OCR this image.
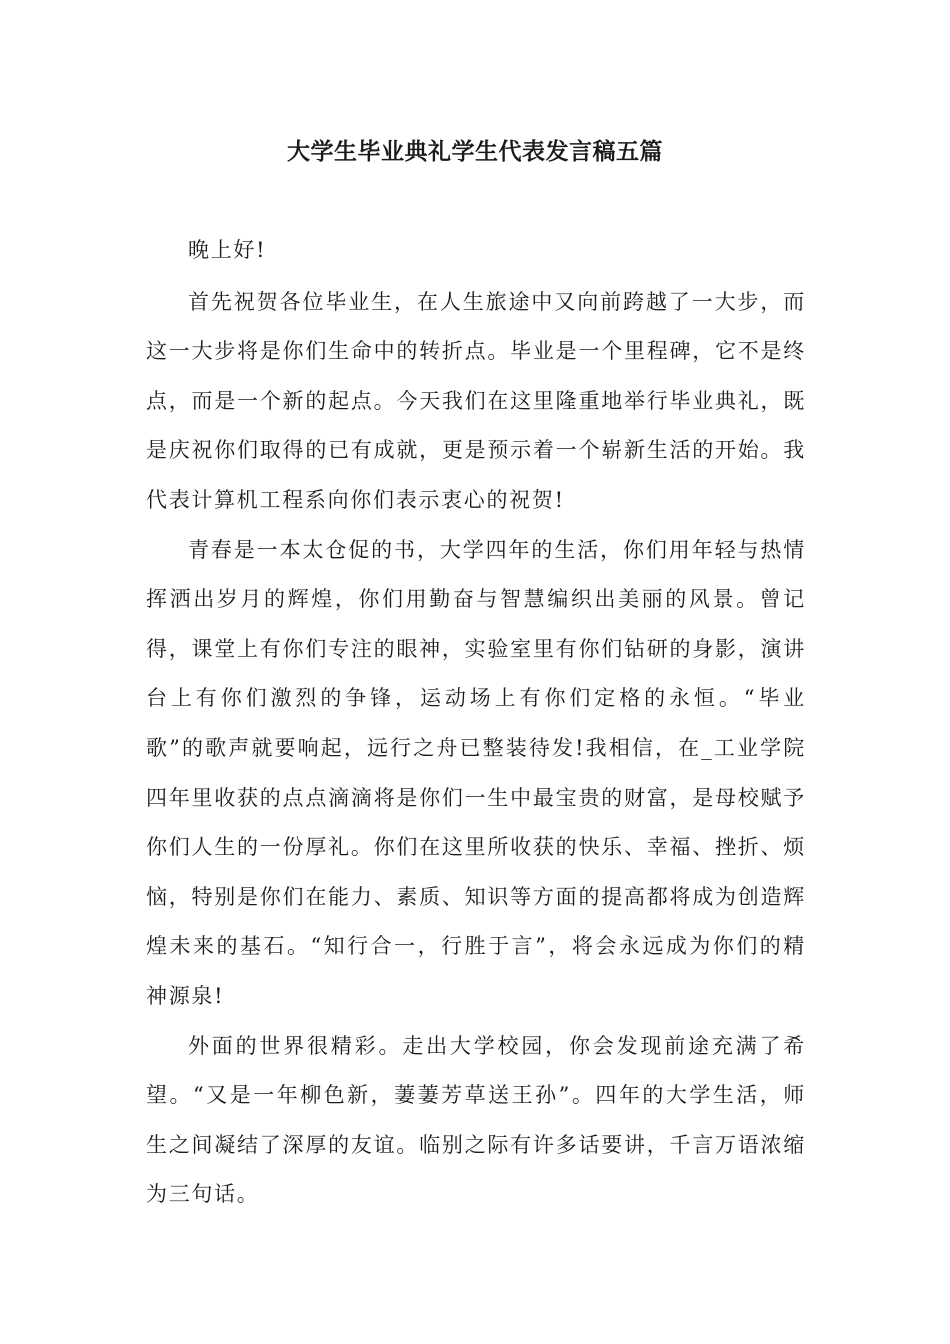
大学生毕业典礼学生代表发言稿五篇

晚上好!

首先祝贺各位毕业生，在人生旅途中又向前跨越了一大步，而这一大步将是你们生命中的转折点。毕业是一个里程碑，它不是终点，而是一个新的起点。今天我们在这里隆重地举行毕业典礼，既是庆祝你们取得的已有成就，更是预示着一个崭新生活的开始。我代表计算机工程系向你们表示衷心的祝贺!

青春是一本太仓促的书，大学四年的生活，你们用年轻与热情挥洒出岁月的辉煌，你们用勤奋与智慧编织出美丽的风景。曾记得，课堂上有你们专注的眼神，实验室里有你们钻研的身影，演讲台上有你们激烈的争锋，运动场上有你们定格的永恒。“毕业歌”的歌声就要响起，远行之舟已整装待发!我相信，在_工业学院四年里收获的点点滴滴将是你们一生中最宝贵的财富，是母校赋予你们人生的一份厚礼。你们在这里所收获的快乐、幸福、挫折、烦恼，特别是你们在能力、素质、知识等方面的提高都将成为创造辉煌未来的基石。“知行合一，行胜于言”，将会永远成为你们的精神源泉!

外面的世界很精彩。走出大学校园，你会发现前途充满了希望。“又是一年柳色新，萋萋芳草送王孙”。四年的大学生活，师生之间凝结了深厚的友谊。临别之际有许多话要讲，千言万语浓缩为三句话。
